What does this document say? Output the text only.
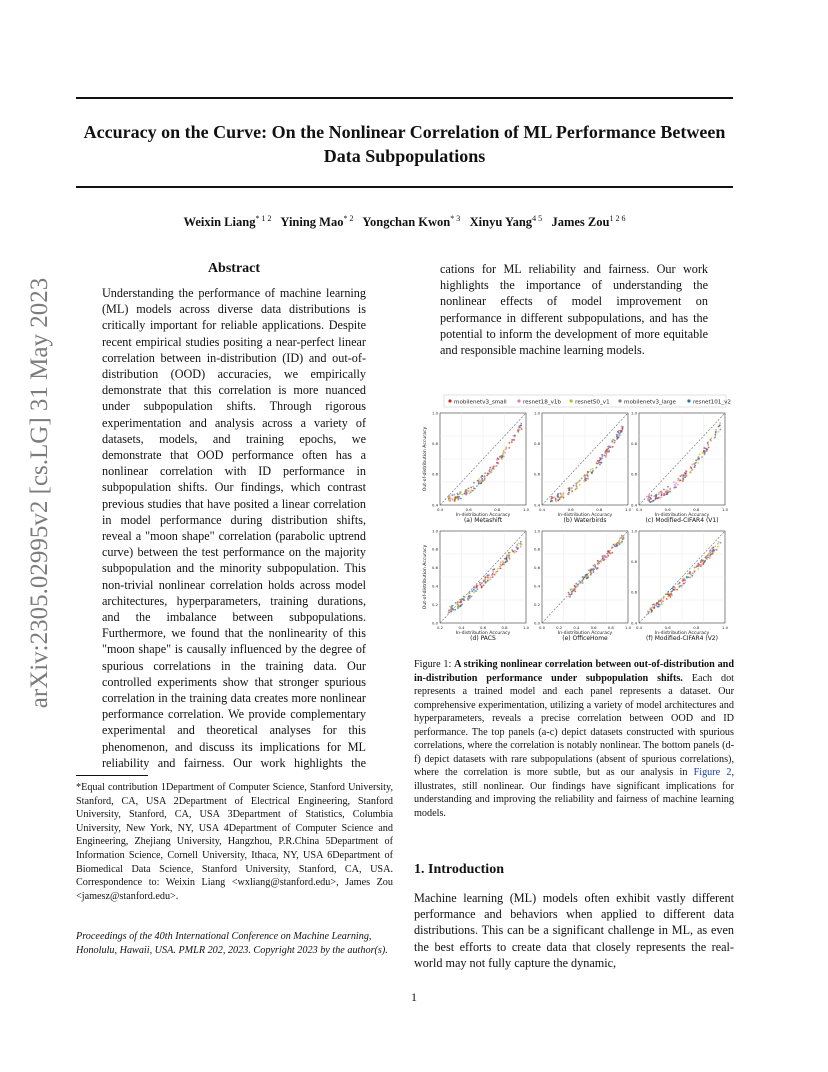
Accuracy on the Curve: On the Nonlinear Correlation of ML Performance Between Data Subpopulations
Weixin Liang$^{* 1 2}$ Yining Mao$^{* 2}$ Yongchan Kwon$^{* 3}$ Xinyu Yang$^{4 5}$ James Zou$^{1 2 6}$
arXiv:2305.02995v2 [cs.LG] 31 May 2023
Abstract
Understanding the performance of machine learning (ML) models across diverse data distributions is critically important for reliable applications. Despite recent empirical studies positing a near-perfect linear correlation between in-distribution (ID) and out-of-distribution (OOD) accuracies, we empirically demonstrate that this correlation is more nuanced under subpopulation shifts. Through rigorous experimentation and analysis across a variety of datasets, models, and training epochs, we demonstrate that OOD performance often has a nonlinear correlation with ID performance in subpopulation shifts. Our findings, which contrast previous studies that have posited a linear correlation in model performance during distribution shifts, reveal a "moon shape" correlation (parabolic uptrend curve) between the test performance on the majority subpopulation and the minority subpopulation. This non-trivial nonlinear correlation holds across model architectures, hyperparameters, training durations, and the imbalance between subpopulations. Furthermore, we found that the nonlinearity of this "moon shape" is causally influenced by the degree of spurious correlations in the training data. Our controlled experiments show that stronger spurious correlation in the training data creates more nonlinear performance correlation. We provide complementary experimental and theoretical analyses for this phenomenon, and discuss its implications for ML reliability and fairness. Our work highlights the
*Equal contribution 1Department of Computer Science, Stanford University, Stanford, CA, USA 2Department of Electrical Engineering, Stanford University, Stanford, CA, USA 3Department of Statistics, Columbia University, New York, NY, USA 4Department of Computer Science and Engineering, Zhejiang University, Hangzhou, P.R.China 5Department of Information Science, Cornell University, Ithaca, NY, USA 6Department of Biomedical Data Science, Stanford University, Stanford, CA, USA. Correspondence to: Weixin Liang <wxliang@stanford.edu>, James Zou <jamesz@stanford.edu>.
Proceedings of the 40th International Conference on Machine Learning, Honolulu, Hawaii, USA. PMLR 202, 2023. Copyright 2023 by the author(s).
cations for ML reliability and fairness. Our work highlights the importance of understanding the nonlinear effects of model improvement on performance in different subpopulations, and has the potential to inform the development of more equitable and responsible machine learning models.
mobilenetv3_small	resnet18_v1b	resnet50_v1	mobilenetv3_large	resnet101_v2
0.4	0.6	0.8	1.0
0.4
0.6
0.8
1.0
In-distribution Accuracy
(a) Metashift
Out-of-distribution Accuracy
0.4	0.6	0.8	1.0
0.4
0.6
0.8
1.0
In-distribution Accuracy
(b) Waterbirds
0.4	0.6	0.8	1.0
0.4
0.6
0.8
1.0
In-distribution Accuracy
(c) Modified-CIFAR4 (V1)
0.2	0.4	0.6	0.8	1.0
0.0
0.2
0.4
0.6
0.8
1.0
In-distribution Accuracy
(d) PACS
Out-of-distribution Accuracy
0.0	0.2	0.4	0.6	0.8	1.0
0.0
0.2
0.4
0.6
0.8
1.0
In-distribution Accuracy
(e) OfficeHome
0.4	0.6	0.8	1.0
0.4
0.6
0.8
1.0
In-distribution Accuracy
(f) Modified-CIFAR4 (V2)
Figure 1: A striking nonlinear correlation between out-of-distribution and in-distribution performance under subpopulation shifts. Each dot represents a trained model and each panel represents a dataset. Our comprehensive experimentation, utilizing a variety of model architectures and hyperparameters, reveals a precise correlation between OOD and ID performance. The top panels (a-c) depict datasets constructed with spurious correlations, where the correlation is notably nonlinear. The bottom panels (d-f) depict datasets with rare subpopulations (absent of spurious correlations), where the correlation is more subtle, but as our analysis in Figure 2, illustrates, still nonlinear. Our findings have significant implications for understanding and improving the reliability and fairness of machine learning models.
1. Introduction
Machine learning (ML) models often exhibit vastly different performance and behaviors when applied to different data distributions. This can be a significant challenge in ML, as even the best efforts to create data that closely represents the real-world may not fully capture the dynamic,
1
